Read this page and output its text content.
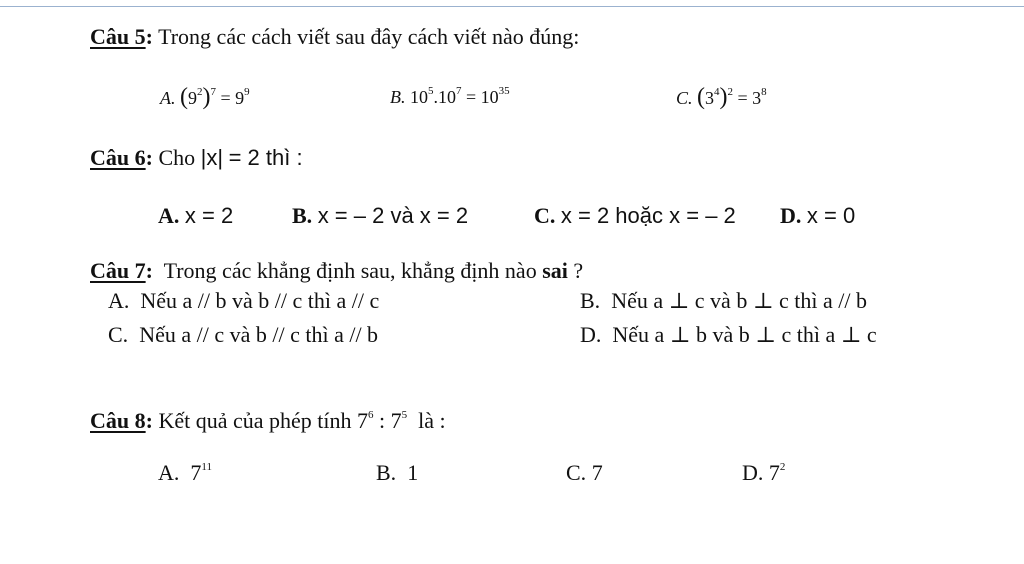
Câu 5: Trong các cách viết sau đây cách viết nào đúng:
A. $(9^2)^7 = 9^9$	B. $10^5.10^7 = 10^{35}$	C. $(3^4)^2 = 3^8$
Câu 6: Cho |x| = 2 thì :
A. x = 2	B. x = – 2 và x = 2	C. x = 2 hoặc x = – 2 D. x = 0
Câu 7: Trong các khẳng định sau, khẳng định nào sai ?
A. Nếu a // b và b // c thì a // c	B. Nếu a ⊥ c và b ⊥ c thì a // b
C. Nếu a // c và b // c thì a // b	D. Nếu a ⊥ b và b ⊥ c thì a ⊥ c
Câu 8: Kết quả của phép tính $7^6$ : $7^5$ là :
A. $7^{11}$	B. 1	C. 7	D. $7^2$
